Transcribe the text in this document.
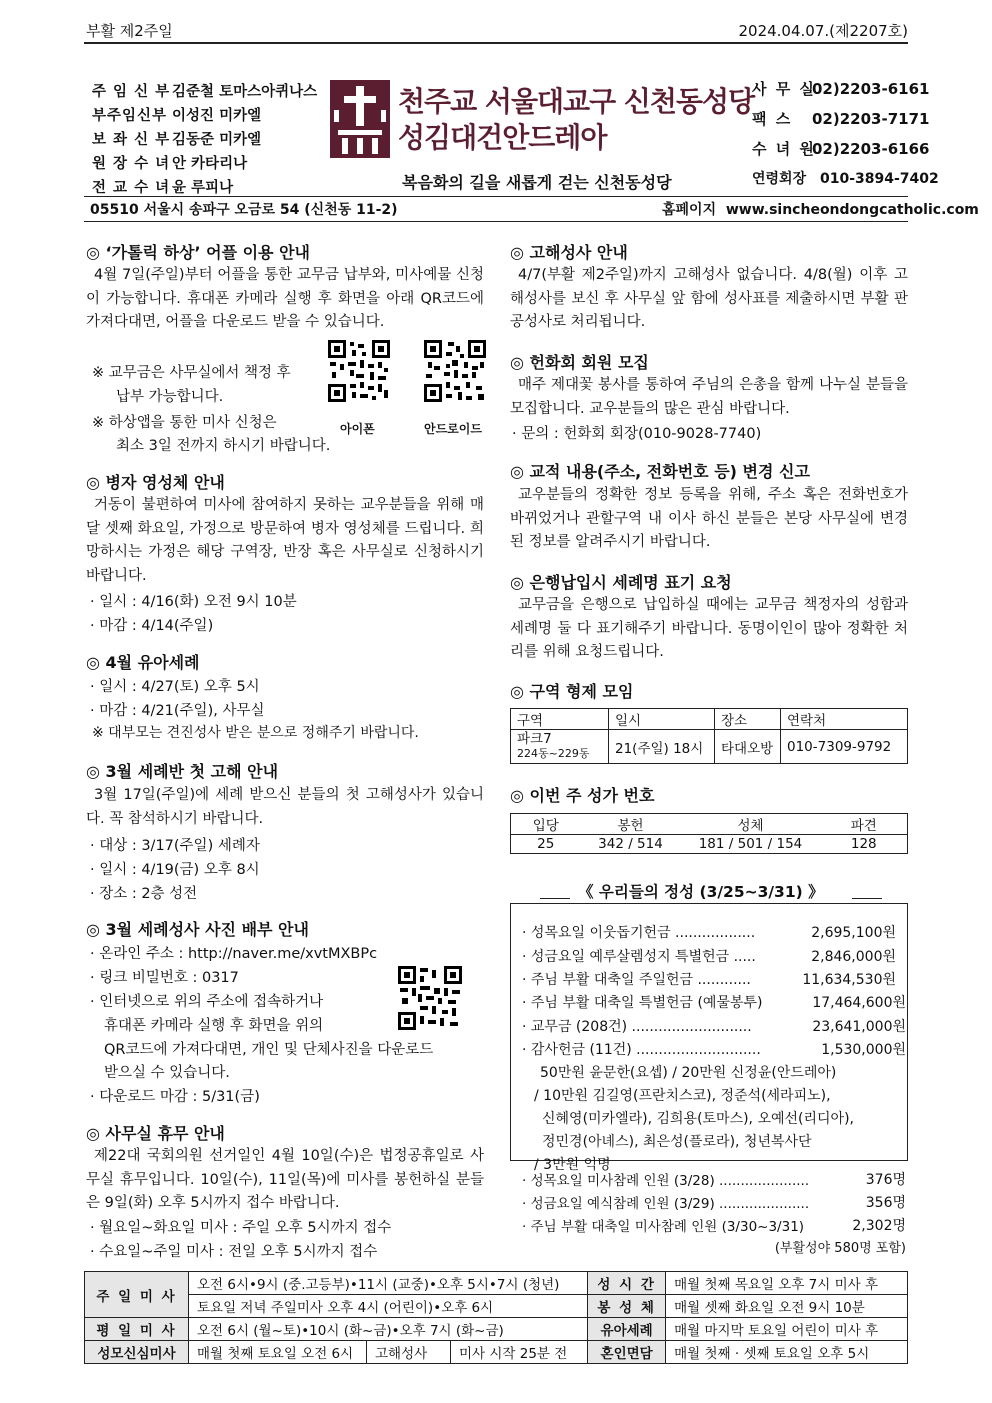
부활 제2주일	2024.04.07.(제2207호)
주 임 신 부 김준철 토마스아퀴나스
부주임신부 이성진 미카엘
보 좌 신 부 김동준 미카엘
원 장 수 녀 안 카타리나
전 교 수 녀 윤 루피나
천주교 서울대교구 신천동성당
성김대건안드레아
복음화의 길을 새롭게 걷는 신천동성당
사 무 실02)2203-6161
팩 스 02)2203-7171
수 녀 원02)2203-6166
연령회장 010-3894-7402
05510 서울시 송파구 오금로 54 (신천동 11-2)	홈페이지 www.sincheondongcatholic.com
◎ ‘가톨릭 하상’ 어플 이용 안내
4월 7일(주일)부터 어플을 통한 교무금 납부와, 미사예물 신청이 가능합니다. 휴대폰 카메라 실행 후 화면을 아래 QR코드에 가져다대면, 어플을 다운로드 받을 수 있습니다.
※ 교무금은 사무실에서 책정 후
납부 가능합니다.
※ 하상앱을 통한 미사 신청은
최소 3일 전까지 하시기 바랍니다.
아이폰	안드로이드
◎ 병자 영성체 안내
거동이 불편하여 미사에 참여하지 못하는 교우분들을 위해 매달 셋째 화요일, 가정으로 방문하여 병자 영성체를 드립니다. 희망하시는 가정은 해당 구역장, 반장 혹은 사무실로 신청하시기 바랍니다.
· 일시 : 4/16(화) 오전 9시 10분
· 마감 : 4/14(주일)
◎ 4월 유아세례
· 일시 : 4/27(토) 오후 5시
· 마감 : 4/21(주일), 사무실
※ 대부모는 견진성사 받은 분으로 정해주기 바랍니다.
◎ 3월 세례반 첫 고해 안내
3월 17일(주일)에 세례 받으신 분들의 첫 고해성사가 있습니다. 꼭 참석하시기 바랍니다.
· 대상 : 3/17(주일) 세례자
· 일시 : 4/19(금) 오후 8시
· 장소 : 2층 성전
◎ 3월 세례성사 사진 배부 안내
· 온라인 주소 : http://naver.me/xvtMXBPc
· 링크 비밀번호 : 0317
· 인터넷으로 위의 주소에 접속하거나
휴대폰 카메라 실행 후 화면을 위의
QR코드에 가져다대면, 개인 및 단체사진을 다운로드
받으실 수 있습니다.
· 다운로드 마감 : 5/31(금)
◎ 사무실 휴무 안내
제22대 국회의원 선거일인 4월 10일(수)은 법정공휴일로 사무실 휴무입니다. 10일(수), 11일(목)에 미사를 봉헌하실 분들은 9일(화) 오후 5시까지 접수 바랍니다.
· 월요일~화요일 미사 : 주일 오후 5시까지 접수
· 수요일~주일 미사 : 전일 오후 5시까지 접수
◎ 고해성사 안내
4/7(부활 제2주일)까지 고해성사 없습니다. 4/8(월) 이후 고해성사를 보신 후 사무실 앞 함에 성사표를 제출하시면 부활 판공성사로 처리됩니다.
◎ 헌화회 회원 모집
매주 제대꽃 봉사를 통하여 주님의 은총을 함께 나누실 분들을 모집합니다. 교우분들의 많은 관심 바랍니다.
· 문의 : 헌화회 회장(010-9028-7740)
◎ 교적 내용(주소, 전화번호 등) 변경 신고
교우분들의 정확한 정보 등록을 위해, 주소 혹은 전화번호가 바뀌었거나 관할구역 내 이사 하신 분들은 본당 사무실에 변경된 정보를 알려주시기 바랍니다.
◎ 은행납입시 세례명 표기 요청
교무금을 은행으로 납입하실 때에는 교무금 책정자의 성함과 세례명 둘 다 표기해주기 바랍니다. 동명이인이 많아 정확한 처리를 위해 요청드립니다.
◎ 구역 형제 모임
구역	일시	장소	연락처
파크7
224동~229동	21(주일) 18시	타대오방	010-7309-9792
◎ 이번 주 성가 번호
입당	봉헌	성체	파견
25	342 / 514	181 / 501 / 154	128
《 우리들의 정성 (3/25~3/31) 》
· 성목요일 이웃돕기헌금 ..................	2,695,100원
· 성금요일 예루살렘성지 특별헌금 .....	2,846,000원
· 주님 부활 대축일 주일헌금 ............	11,634,530원
· 주님 부활 대축일 특별헌금 (예물봉투)	17,464,600원
· 교무금 (208건) ...........................	23,641,000원
· 감사헌금 (11건) ............................	1,530,000원
50만원 윤문한(요셉) / 20만원 신정윤(안드레아)
/ 10만원 김길영(프란치스코), 정준석(세라피노),
신혜영(미카엘라), 김희용(토마스), 오예선(리디아),
정민경(아녜스), 최은성(플로라), 청년복사단
/ 3만원 익명
· 성목요일 미사참례 인원 (3/28) .....................	376명
· 성금요일 예식참례 인원 (3/29) .....................	356명
· 주님 부활 대축일 미사참례 인원 (3/30~3/31)	2,302명
(부활성야 580명 포함)
주 일 미 사	오전 6시•9시 (중.고등부)•11시 (교중)•오후 5시•7시 (청년)			성 시 간	매월 첫째 목요일 오후 7시 미사 후
	토요일 저녁 주일미사 오후 4시 (어린이)•오후 6시			봉 성 체	매월 셋째 화요일 오전 9시 10분
평 일 미 사	오전 6시 (월~토)•10시 (화~금)•오후 7시 (화~금)			유아세례	매월 마지막 토요일 어린이 미사 후
성모신심미사	매월 첫째 토요일 오전 6시	고해성사	미사 시작 25분 전	혼인면담	매월 첫째 · 셋째 토요일 오후 5시
